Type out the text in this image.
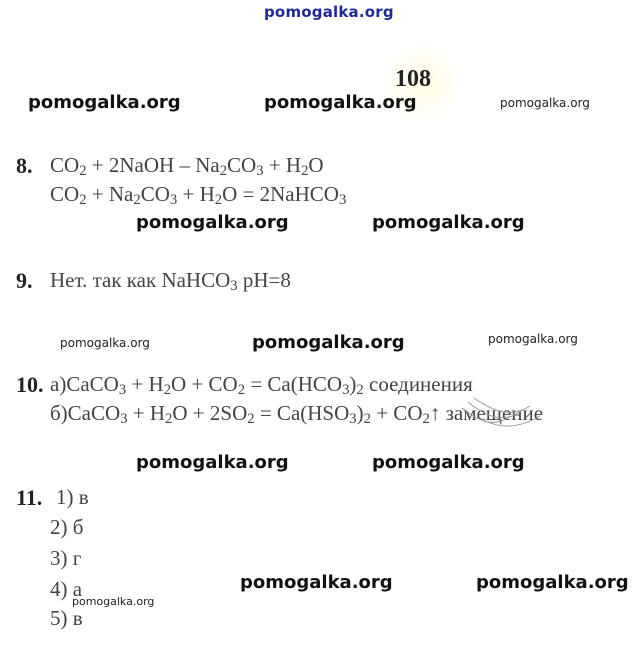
pomogalka.org
108
pomogalka.org	pomogalka.org	pomogalka.org
8. $CO_2$ + 2NaOH – $Na_2CO_3 + H_2O$
$CO_2 + Na_2CO_3 + H_2O$ = 2NaHCO$_3$
pomogalka.org	pomogalka.org
9. Нет. так как NaHCO$_3$ pH=8
pomogalka.org	pomogalka.org	pomogalka.org
10. а)CaCO$_3$ + $H_2O + CO_2 = Ca(HCO_3)_2$ соединения
б)CaCO$_3$ + $H_2O + 2SO_2 = Ca(HSO_3)_2$ + $CO_2↑$ замещение
pomogalka.org	pomogalka.org
11. 1) в
2) б
3) г
4) а
5) в
pomogalka.org
pomogalka.org	pomogalka.org
